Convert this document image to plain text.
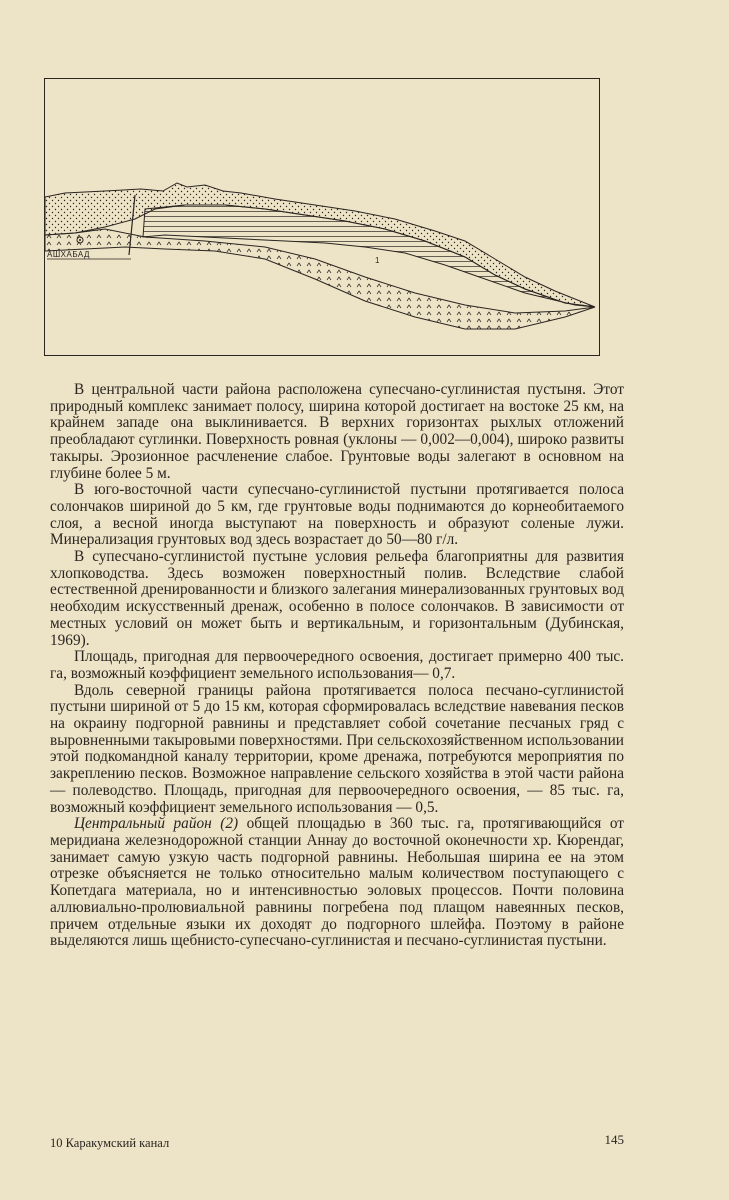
АШХАБАД
1

В центральной части района расположена супесчано-суглинистая пустыня. Этот природный комплекс занимает полосу, ширина которой достигает на востоке 25 км, на крайнем западе она выклинивается. В верхних горизонтах рыхлых отложений преобладают суглинки. Поверхность ровная (уклоны — 0,002—0,004), широко развиты такыры. Эрозионное расчленение слабое. Грунтовые воды залегают в основном на глубине более 5 м.

В юго-восточной части супесчано-суглинистой пустыни протягивается полоса солончаков шириной до 5 км, где грунтовые воды поднимаются до корнеобитаемого слоя, а весной иногда выступают на поверхность и образуют соленые лужи. Минерализация грунтовых вод здесь возрастает до 50—80 г/л.

В супесчано-суглинистой пустыне условия рельефа благоприятны для развития хлопководства. Здесь возможен поверхностный полив. Вследствие слабой естественной дренированности и близкого залегания минерализованных грунтовых вод необходим искусственный дренаж, особенно в полосе солончаков. В зависимости от местных условий он может быть и вертикальным, и горизонтальным (Дубинская, 1969).

Площадь, пригодная для первоочередного освоения, достигает примерно 400 тыс. га, возможный коэффициент земельного использования— 0,7.

Вдоль северной границы района протягивается полоса песчано-суглинистой пустыни шириной от 5 до 15 км, которая сформировалась вследствие навевания песков на окраину подгорной равнины и представляет собой сочетание песчаных гряд с выровненными такыровыми поверхностями. При сельскохозяйственном использовании этой подкомандной каналу территории, кроме дренажа, потребуются мероприятия по закреплению песков. Возможное направление сельского хозяйства в этой части района — полеводство. Площадь, пригодная для первоочередного освоения, — 85 тыс. га, возможный коэффициент земельного использования — 0,5.

Центральный район (2) общей площадью в 360 тыс. га, протягивающийся от меридиана железнодорожной станции Аннау до восточной оконечности хр. Кюрендаг, занимает самую узкую часть подгорной равнины. Небольшая ширина ее на этом отрезке объясняется не только относительно малым количеством поступающего с Копетдага материала, но и интенсивностью эоловых процессов. Почти половина аллювиально-пролювиальной равнины погребена под плащом навеянных песков, причем отдельные языки их доходят до подгорного шлейфа. Поэтому в районе выделяются лишь щебнисто-супесчано-суглинистая и песчано-суглинистая пустыни.

10 Каракумский канал	145
